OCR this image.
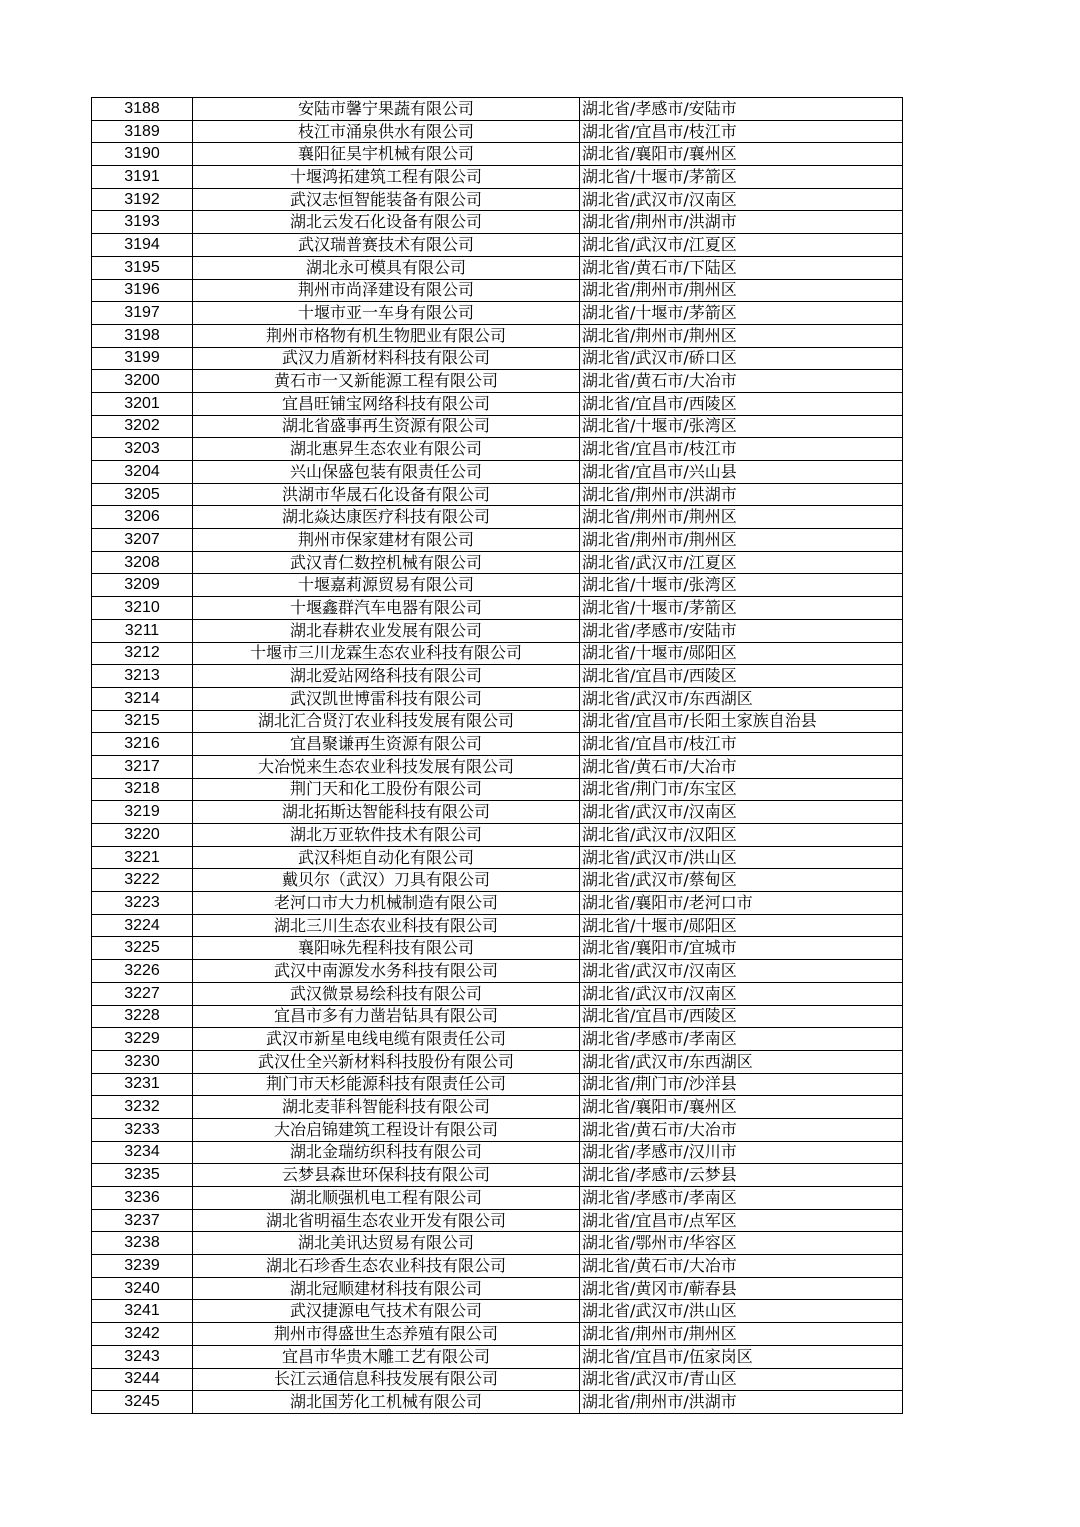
3188	安陆市馨宁果蔬有限公司	湖北省/孝感市/安陆市
3189	枝江市涌泉供水有限公司	湖北省/宜昌市/枝江市
3190	襄阳征昊宇机械有限公司	湖北省/襄阳市/襄州区
3191	十堰鸿拓建筑工程有限公司	湖北省/十堰市/茅箭区
3192	武汉志恒智能装备有限公司	湖北省/武汉市/汉南区
3193	湖北云发石化设备有限公司	湖北省/荆州市/洪湖市
3194	武汉瑞普赛技术有限公司	湖北省/武汉市/江夏区
3195	湖北永可模具有限公司	湖北省/黄石市/下陆区
3196	荆州市尚泽建设有限公司	湖北省/荆州市/荆州区
3197	十堰市亚一车身有限公司	湖北省/十堰市/茅箭区
3198	荆州市格物有机生物肥业有限公司	湖北省/荆州市/荆州区
3199	武汉力盾新材料科技有限公司	湖北省/武汉市/硚口区
3200	黄石市一又新能源工程有限公司	湖北省/黄石市/大冶市
3201	宜昌旺铺宝网络科技有限公司	湖北省/宜昌市/西陵区
3202	湖北省盛事再生资源有限公司	湖北省/十堰市/张湾区
3203	湖北惠昇生态农业有限公司	湖北省/宜昌市/枝江市
3204	兴山保盛包装有限责任公司	湖北省/宜昌市/兴山县
3205	洪湖市华晟石化设备有限公司	湖北省/荆州市/洪湖市
3206	湖北焱达康医疗科技有限公司	湖北省/荆州市/荆州区
3207	荆州市保家建材有限公司	湖北省/荆州市/荆州区
3208	武汉青仁数控机械有限公司	湖北省/武汉市/江夏区
3209	十堰嘉莉源贸易有限公司	湖北省/十堰市/张湾区
3210	十堰鑫群汽车电器有限公司	湖北省/十堰市/茅箭区
3211	湖北春耕农业发展有限公司	湖北省/孝感市/安陆市
3212	十堰市三川龙霖生态农业科技有限公司	湖北省/十堰市/郧阳区
3213	湖北爱站网络科技有限公司	湖北省/宜昌市/西陵区
3214	武汉凯世博雷科技有限公司	湖北省/武汉市/东西湖区
3215	湖北汇合贤汀农业科技发展有限公司	湖北省/宜昌市/长阳土家族自治县
3216	宜昌聚谦再生资源有限公司	湖北省/宜昌市/枝江市
3217	大冶悦来生态农业科技发展有限公司	湖北省/黄石市/大冶市
3218	荆门天和化工股份有限公司	湖北省/荆门市/东宝区
3219	湖北拓斯达智能科技有限公司	湖北省/武汉市/汉南区
3220	湖北万亚软件技术有限公司	湖北省/武汉市/汉阳区
3221	武汉科炬自动化有限公司	湖北省/武汉市/洪山区
3222	戴贝尔（武汉）刀具有限公司	湖北省/武汉市/蔡甸区
3223	老河口市大力机械制造有限公司	湖北省/襄阳市/老河口市
3224	湖北三川生态农业科技有限公司	湖北省/十堰市/郧阳区
3225	襄阳咏先程科技有限公司	湖北省/襄阳市/宜城市
3226	武汉中南源发水务科技有限公司	湖北省/武汉市/汉南区
3227	武汉微景易绘科技有限公司	湖北省/武汉市/汉南区
3228	宜昌市多有力凿岩钻具有限公司	湖北省/宜昌市/西陵区
3229	武汉市新星电线电缆有限责任公司	湖北省/孝感市/孝南区
3230	武汉仕全兴新材料科技股份有限公司	湖北省/武汉市/东西湖区
3231	荆门市天杉能源科技有限责任公司	湖北省/荆门市/沙洋县
3232	湖北麦菲科智能科技有限公司	湖北省/襄阳市/襄州区
3233	大冶启锦建筑工程设计有限公司	湖北省/黄石市/大冶市
3234	湖北金瑞纺织科技有限公司	湖北省/孝感市/汉川市
3235	云梦县森世环保科技有限公司	湖北省/孝感市/云梦县
3236	湖北顺强机电工程有限公司	湖北省/孝感市/孝南区
3237	湖北省明福生态农业开发有限公司	湖北省/宜昌市/点军区
3238	湖北美讯达贸易有限公司	湖北省/鄂州市/华容区
3239	湖北石珍香生态农业科技有限公司	湖北省/黄石市/大冶市
3240	湖北冠顺建材科技有限公司	湖北省/黄冈市/蕲春县
3241	武汉捷源电气技术有限公司	湖北省/武汉市/洪山区
3242	荆州市得盛世生态养殖有限公司	湖北省/荆州市/荆州区
3243	宜昌市华贵木雕工艺有限公司	湖北省/宜昌市/伍家岗区
3244	长江云通信息科技发展有限公司	湖北省/武汉市/青山区
3245	湖北国芳化工机械有限公司	湖北省/荆州市/洪湖市
